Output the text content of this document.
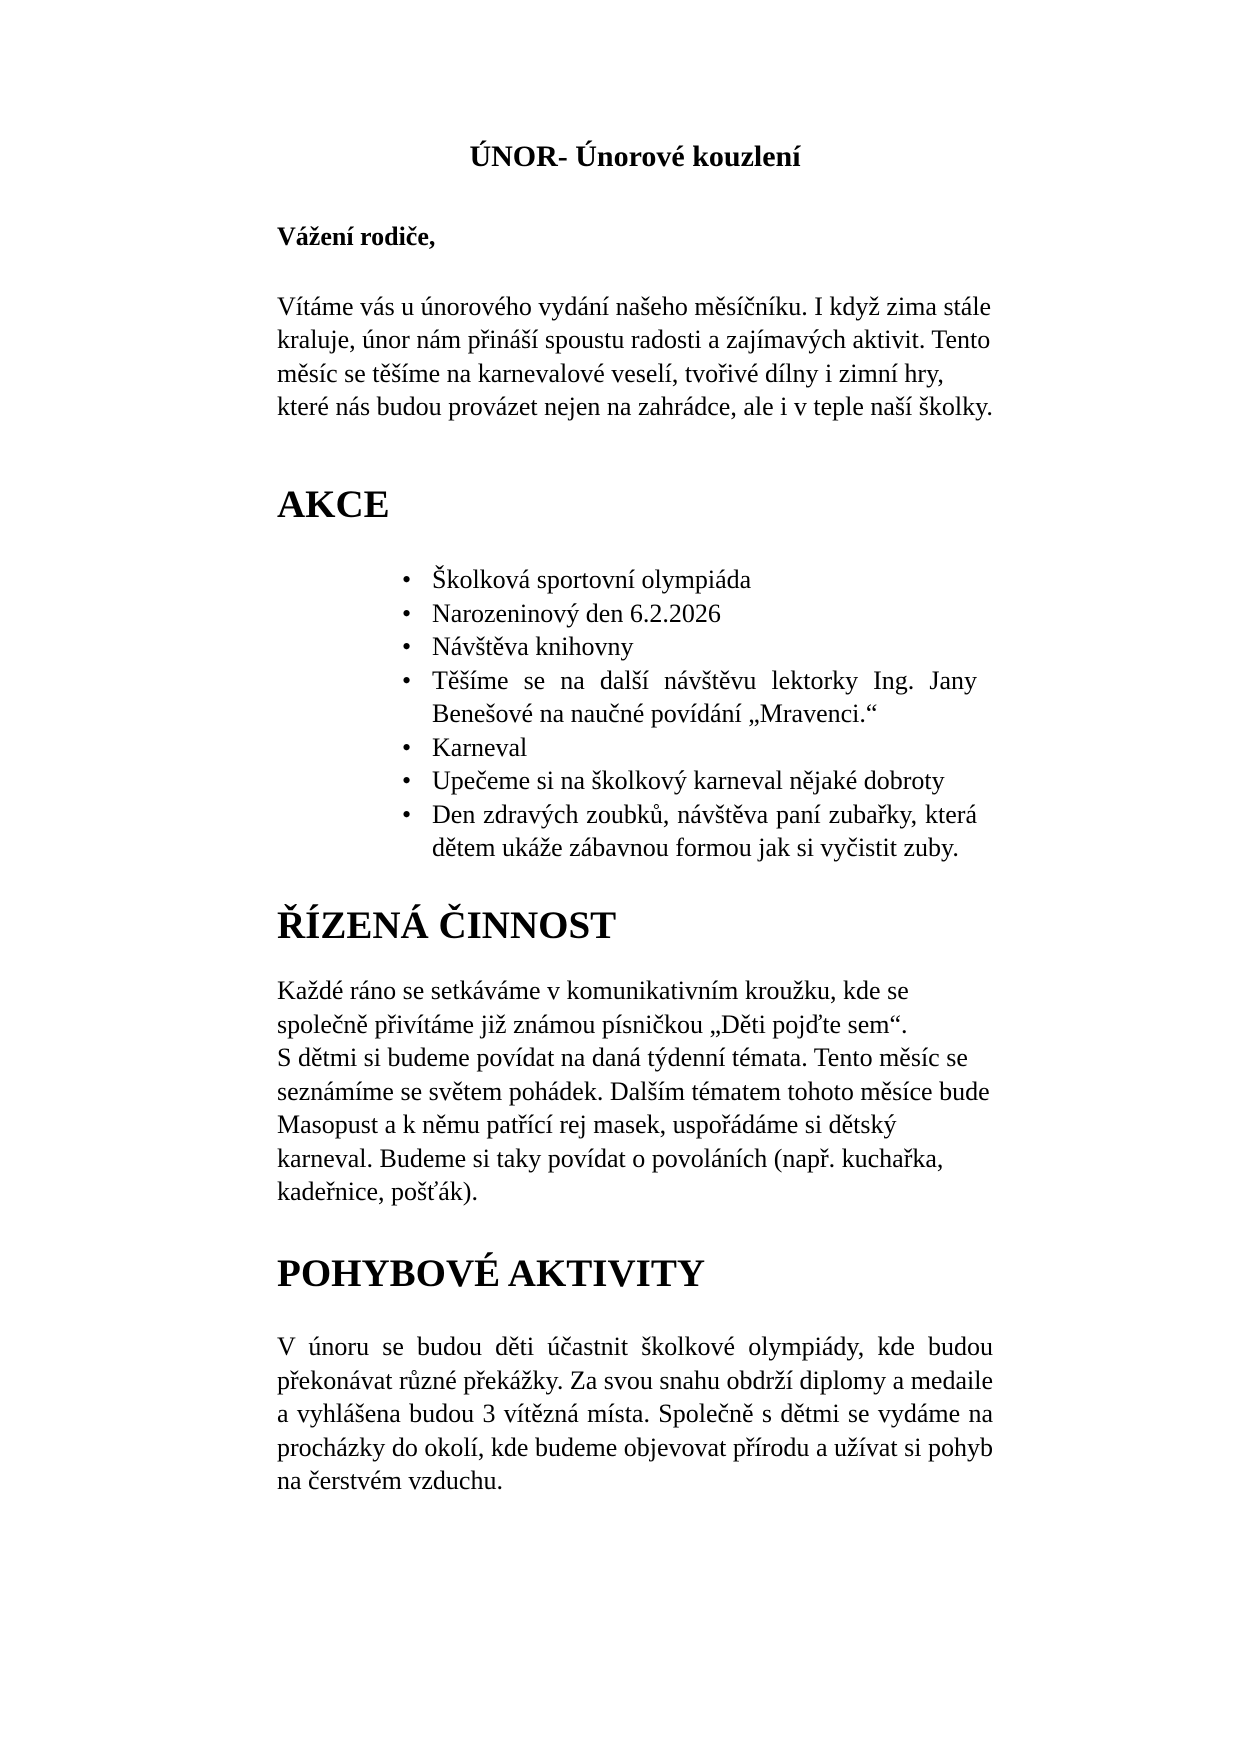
ÚNOR- Únorové kouzlení

Vážení rodiče,

Vítáme vás u únorového vydání našeho měsíčníku. I když zima stále kraluje, únor nám přináší spoustu radosti a zajímavých aktivit. Tento měsíc se těšíme na karnevalové veselí, tvořivé dílny i zimní hry, které nás budou provázet nejen na zahrádce, ale i v teple naší školky.

AKCE
• Školková sportovní olympiáda
• Narozeninový den 6.2.2026
• Návštěva knihovny
• Těšíme se na další návštěvu lektorky Ing. Jany Benešové na naučné povídání „Mravenci.“
• Karneval
• Upečeme si na školkový karneval nějaké dobroty
• Den zdravých zoubků, návštěva paní zubařky, která dětem ukáže zábavnou formou jak si vyčistit zuby.
ŘÍZENÁ ČINNOST

Každé ráno se setkáváme v komunikativním kroužku, kde se společně přivítáme již známou písničkou „Děti pojďte sem“.
S dětmi si budeme povídat na daná týdenní témata. Tento měsíc se seznámíme se světem pohádek. Dalším tématem tohoto měsíce bude Masopust a k němu patřící rej masek, uspořádáme si dětský karneval. Budeme si taky povídat o povoláních (např. kuchařka, kadeřnice, pošťák).

POHYBOVÉ AKTIVITY

V únoru se budou děti účastnit školkové olympiády, kde budou překonávat různé překážky. Za svou snahu obdrží diplomy a medaile a vyhlášena budou 3 vítězná místa. Společně s dětmi se vydáme na procházky do okolí, kde budeme objevovat přírodu a užívat si pohyb na čerstvém vzduchu.
